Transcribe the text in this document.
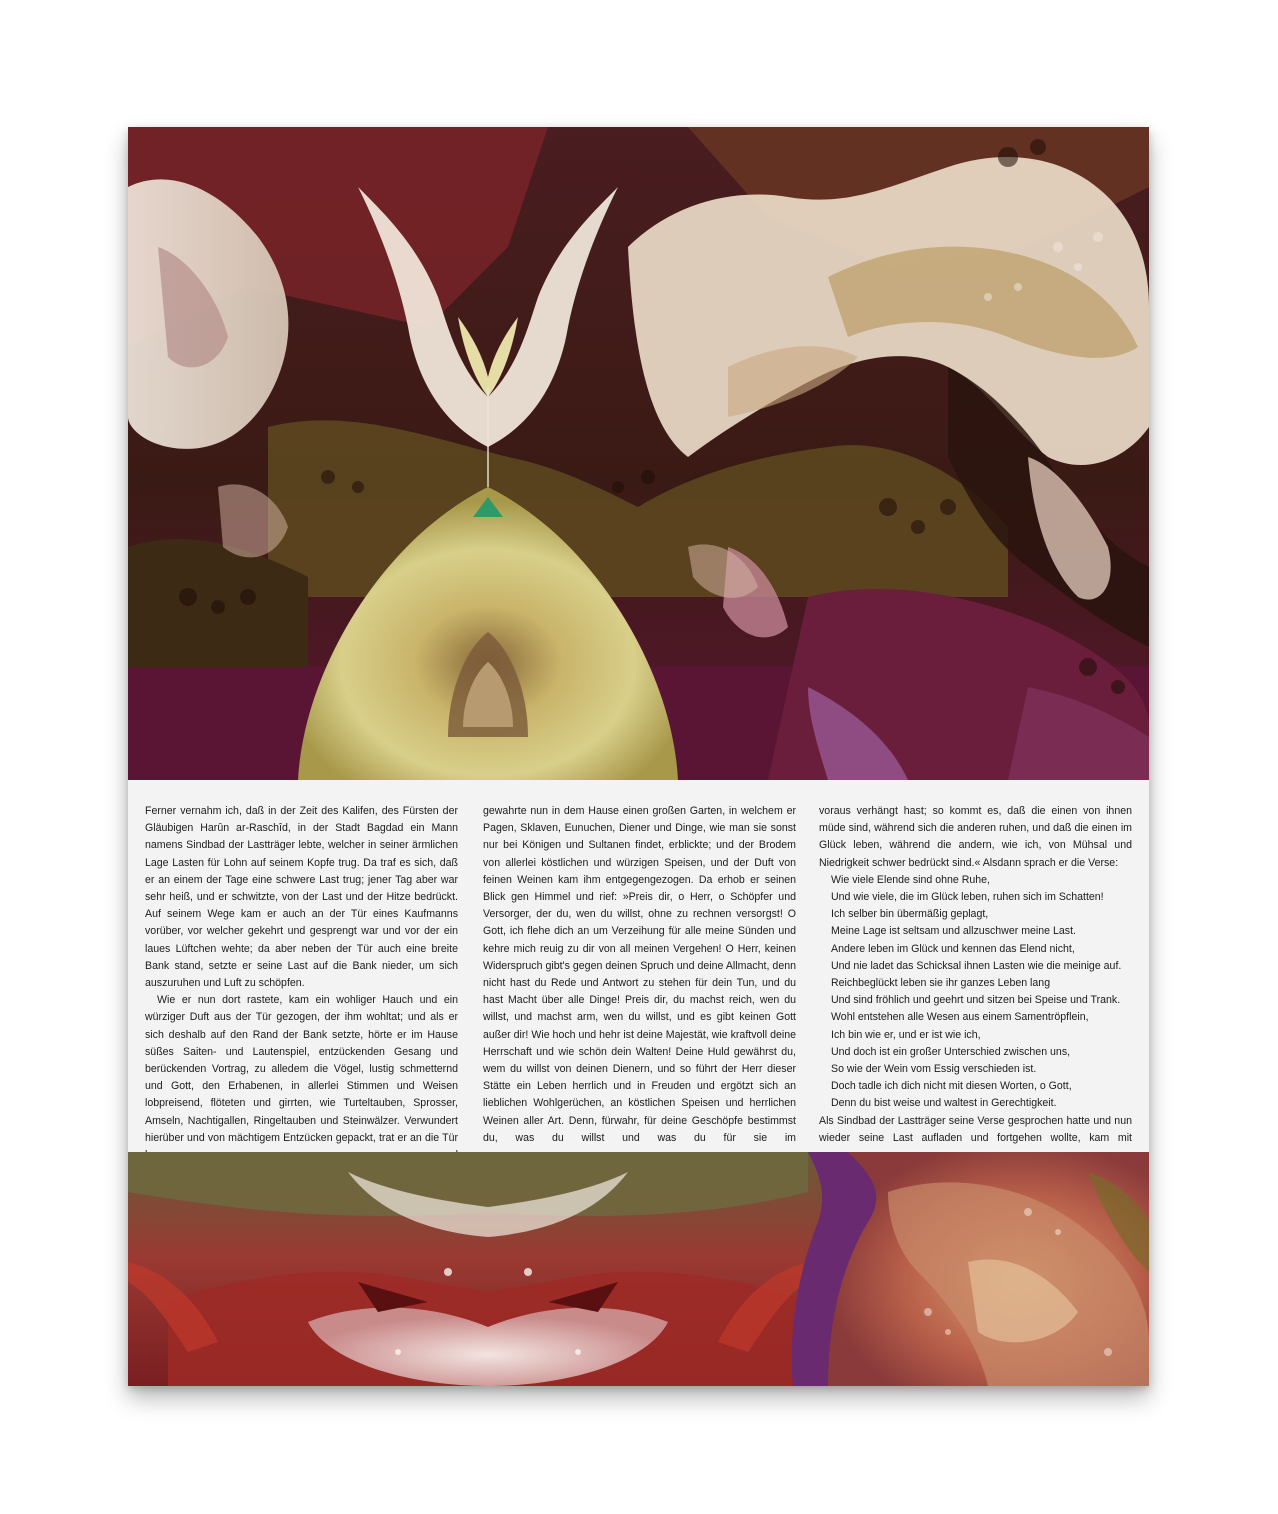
Ferner vernahm ich, daß in der Zeit des Kalifen, des Fürsten der Gläubigen Harûn ar-Raschîd, in der Stadt Bagdad ein Mann namens Sindbad der Lastträger lebte, welcher in seiner ärmlichen Lage Lasten für Lohn auf seinem Kopfe trug. Da traf es sich, daß er an einem der Tage eine schwere Last trug; jener Tag aber war sehr heiß, und er schwitzte, von der Last und der Hitze bedrückt. Auf seinem Wege kam er auch an der Tür eines Kaufmanns vorüber, vor welcher gekehrt und gesprengt war und vor der ein laues Lüftchen wehte; da aber neben der Tür auch eine breite Bank stand, setzte er seine Last auf die Bank nieder, um sich auszuruhen und Luft zu schöpfen.

Wie er nun dort rastete, kam ein wohliger Hauch und ein würziger Duft aus der Tür gezogen, der ihm wohltat; und als er sich deshalb auf den Rand der Bank setzte, hörte er im Hause süßes Saiten- und Lautenspiel, entzückenden Gesang und berückenden Vortrag, zu alledem die Vögel, lustig schmetternd und Gott, den Erhabenen, in allerlei Stimmen und Weisen lobpreisend, flöteten und girrten, wie Turteltauben, Sprosser, Amseln, Nachtigallen, Ringeltauben und Steinwälzer. Verwundert hierüber und von mächtigem Entzücken gepackt, trat er an die Tür

gewahrte nun in dem Hause einen großen Garten, in welchem er Pagen, Sklaven, Eunuchen, Diener und Dinge, wie man sie sonst nur bei Königen und Sultanen findet, erblickte; und der Brodem von allerlei köstlichen und würzigen Speisen, und der Duft von feinen Weinen kam ihm entgegengezogen. Da erhob er seinen Blick gen Himmel und rief: »Preis dir, o Herr, o Schöpfer und Versorger, der du, wen du willst, ohne zu rechnen versorgst! O Gott, ich flehe dich an um Verzeihung für alle meine Sünden und kehre mich reuig zu dir von all meinen Vergehen! O Herr, keinen Widerspruch gibt's gegen deinen Spruch und deine Allmacht, denn nicht hast du Rede und Antwort zu stehen für dein Tun, und du hast Macht über alle Dinge! Preis dir, du machst reich, wen du willst, und machst arm, wen du willst, und es gibt keinen Gott außer dir! Wie hoch und hehr ist deine Majestät, wie kraftvoll deine Herrschaft und wie schön dein Walten! Deine Huld gewährst du, wem du willst von deinen Dienern, und so führt der Herr dieser Stätte ein Leben herrlich und in Freuden und ergötzt sich an lieblichen Wohlgerüchen, an köstlichen Speisen und herrlichen Weinen aller Art. Denn, fürwahr, für deine Geschöpfe bestimmst du, was du willst und was du für sie im

voraus verhängt hast; so kommt es, daß die einen von ihnen müde sind, während sich die anderen ruhen, und daß die einen im Glück leben, während die andern, wie ich, von Mühsal und Niedrigkeit schwer bedrückt sind.« Alsdann sprach er die Verse:

Wie viele Elende sind ohne Ruhe,
Und wie viele, die im Glück leben, ruhen sich im Schatten!
Ich selber bin übermäßig geplagt,
Meine Lage ist seltsam und allzuschwer meine Last.
Andere leben im Glück und kennen das Elend nicht,
Und nie ladet das Schicksal ihnen Lasten wie die meinige auf.
Reichbeglückt leben sie ihr ganzes Leben lang
Und sind fröhlich und geehrt und sitzen bei Speise und Trank.
Wohl entstehen alle Wesen aus einem Samentröpflein,
Ich bin wie er, und er ist wie ich,
Und doch ist ein großer Unterschied zwischen uns,
So wie der Wein vom Essig verschieden ist.
Doch tadle ich dich nicht mit diesen Worten, o Gott,
Denn du bist weise und waltest in Gerechtigkeit.

Als Sindbad der Lastträger seine Verse gesprochen hatte und nun wieder seine Last aufladen und fortgehen wollte, kam mit
